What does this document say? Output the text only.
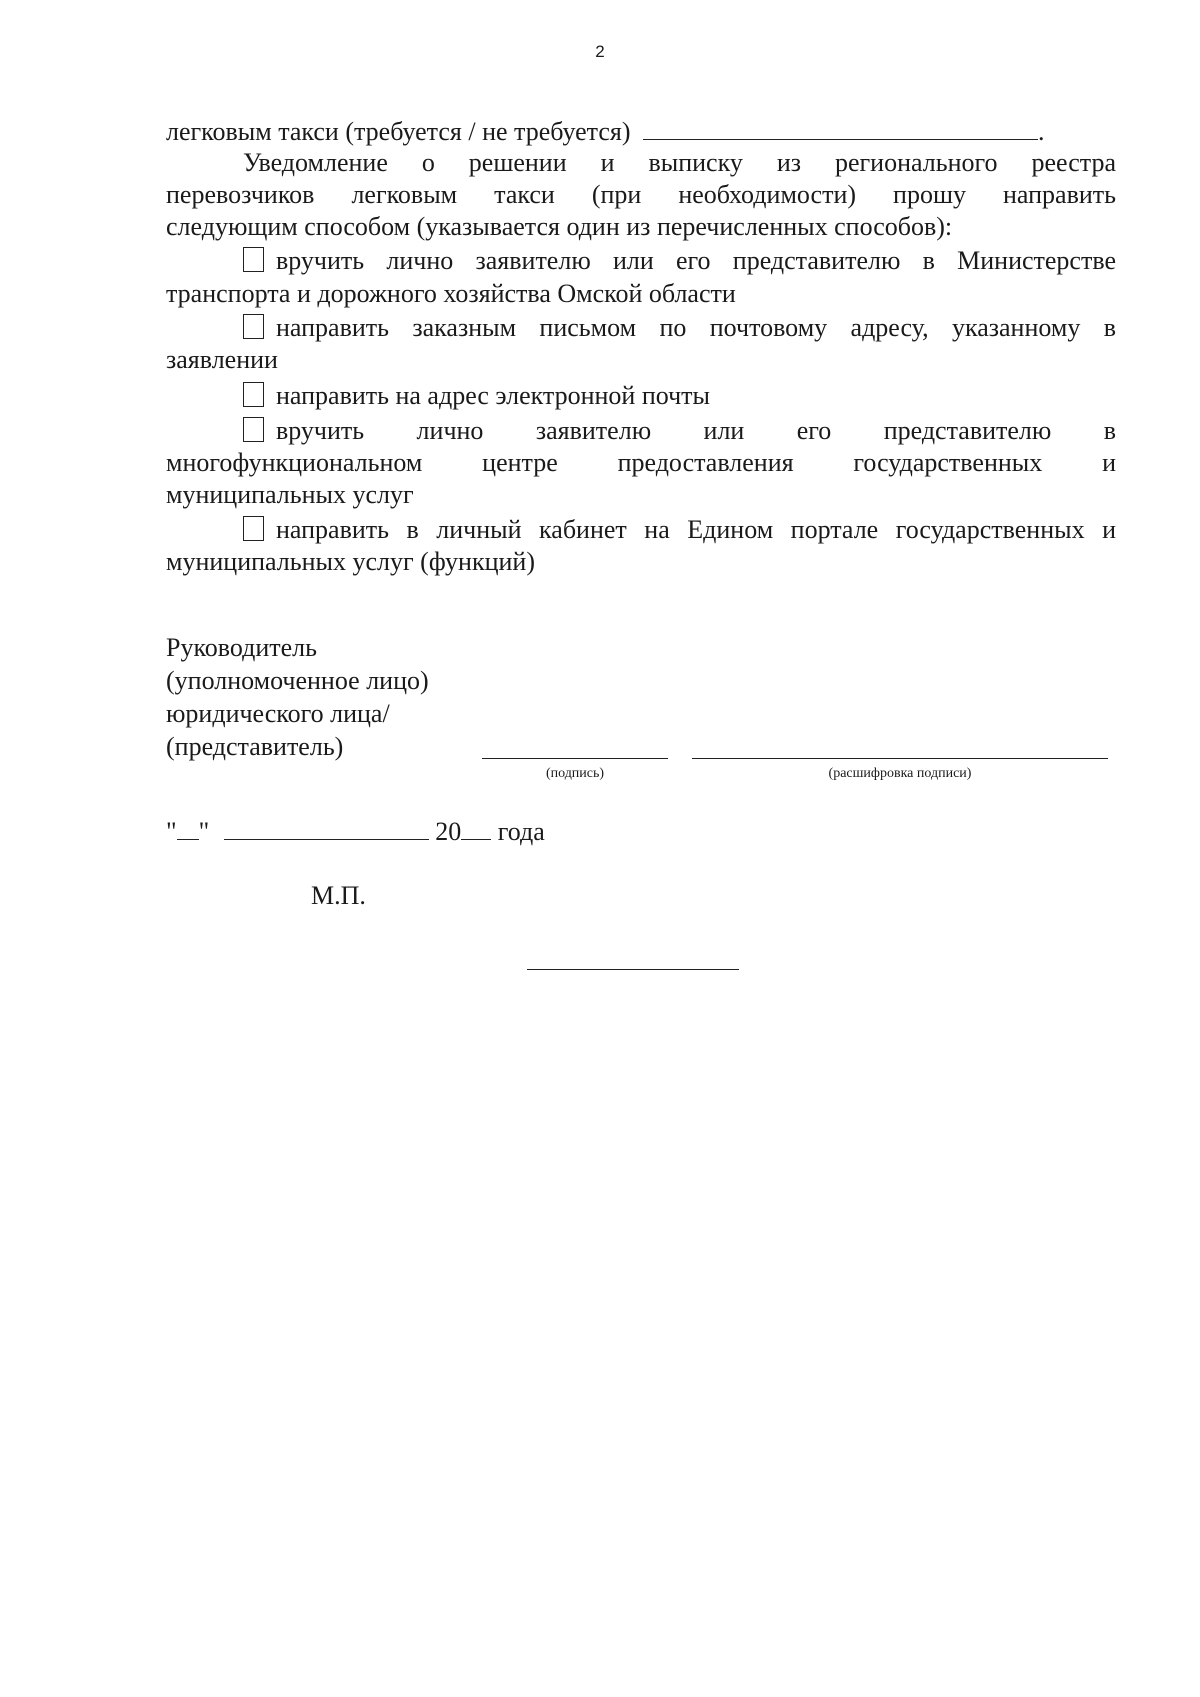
2
легковым такси (требуется / не требуется)	.
Уведомление о решении и выписку из регионального реестра
перевозчиков легковым такси (при необходимости) прошу направить
следующим способом (указывается один из перечисленных способов):
вручить лично заявителю или его представителю в Министерстве
транспорта и дорожного хозяйства Омской области
направить заказным письмом по почтовому адресу, указанному в
заявлении
направить на адрес электронной почты
вручить лично заявителю или его представителю в
многофункциональном центре предоставления государственных и
муниципальных услуг
направить в личный кабинет на Едином портале государственных и
муниципальных услуг (функций)
Руководитель
(уполномоченное лицо)
юридического лица/
(представитель)
(подпись)	(расшифровка подписи)
" "	20 года
М.П.
